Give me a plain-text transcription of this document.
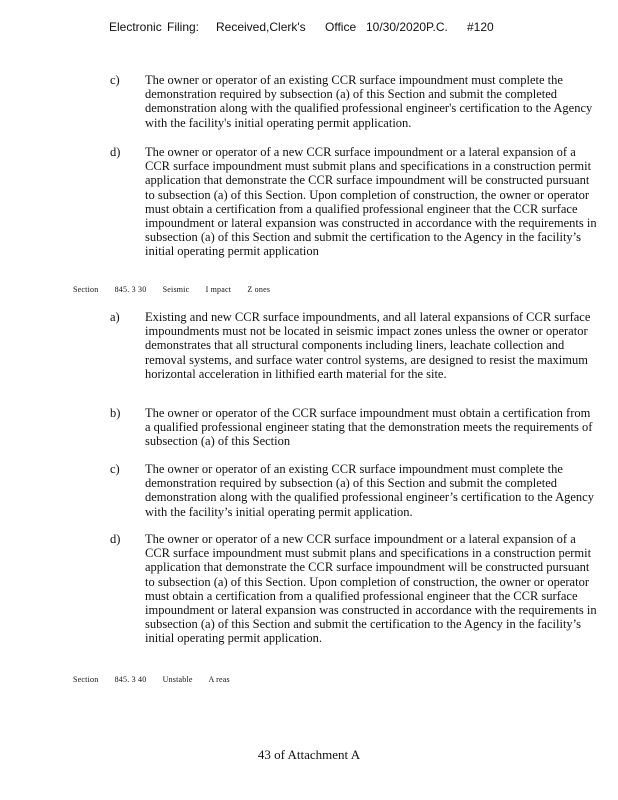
Electronic Filing: Received,Clerk's Office 10/30/2020P.C. #120
c) The owner or operator of an existing CCR surface impoundment must complete the demonstration required by subsection (a) of this Section and submit the completed demonstration along with the qualified professional engineer's certification to the Agency with the facility's initial operating permit application.
d) The owner or operator of a new CCR surface impoundment or a lateral expansion of a CCR surface impoundment must submit plans and specifications in a construction permit application that demonstrate the CCR surface impoundment will be constructed pursuant to subsection (a) of this Section. Upon completion of construction, the owner or operator must obtain a certification from a qualified professional engineer that the CCR surface impoundment or lateral expansion was constructed in accordance with the requirements in subsection (a) of this Section and submit the certification to the Agency in the facility’s initial operating permit application
Section 845. 3 30 Seismic I mpact Z ones
a) Existing and new CCR surface impoundments, and all lateral expansions of CCR surface impoundments must not be located in seismic impact zones unless the owner or operator demonstrates that all structural components including liners, leachate collection and removal systems, and surface water control systems, are designed to resist the maximum horizontal acceleration in lithified earth material for the site.
b) The owner or operator of the CCR surface impoundment must obtain a certification from a qualified professional engineer stating that the demonstration meets the requirements of subsection (a) of this Section
c) The owner or operator of an existing CCR surface impoundment must complete the demonstration required by subsection (a) of this Section and submit the completed demonstration along with the qualified professional engineer’s certification to the Agency with the facility’s initial operating permit application.
d) The owner or operator of a new CCR surface impoundment or a lateral expansion of a CCR surface impoundment must submit plans and specifications in a construction permit application that demonstrate the CCR surface impoundment will be constructed pursuant to subsection (a) of this Section. Upon completion of construction, the owner or operator must obtain a certification from a qualified professional engineer that the CCR surface impoundment or lateral expansion was constructed in accordance with the requirements in subsection (a) of this Section and submit the certification to the Agency in the facility’s initial operating permit application.
Section 845. 3 40 Unstable A reas
43 of Attachment A
